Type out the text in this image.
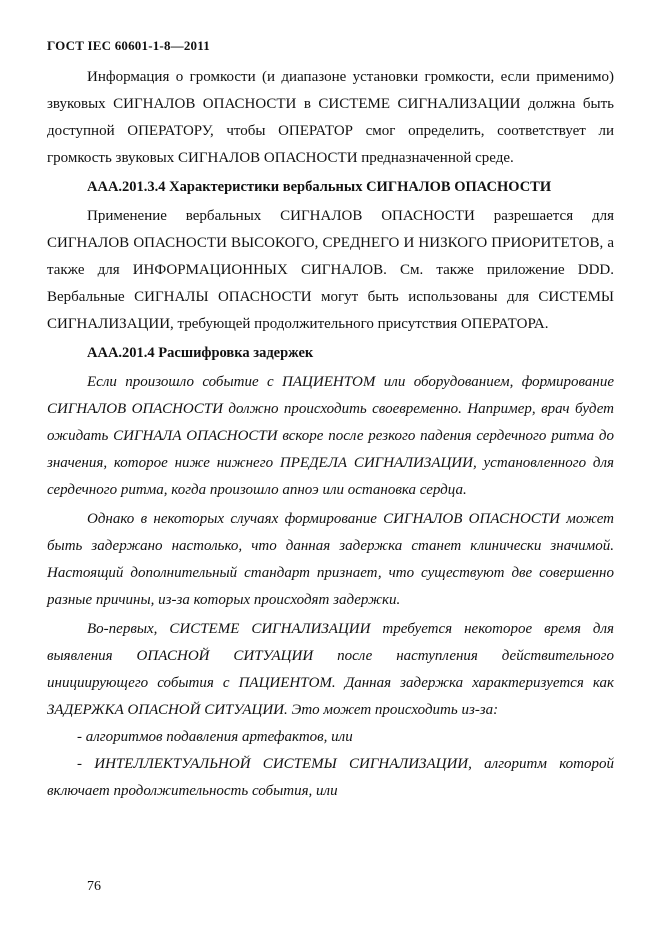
ГОСТ IEC 60601-1-8—2011

Информация о громкости (и диапазоне установки громкости, если применимо) звуковых СИГНАЛОВ ОПАСНОСТИ в СИСТЕМЕ СИГНАЛИЗАЦИИ должна быть доступной ОПЕРАТОРУ, чтобы ОПЕРАТОР смог определить, соответствует ли громкость звуковых СИГНАЛОВ ОПАСНОСТИ предназначенной среде.

ААА.201.3.4 Характеристики вербальных СИГНАЛОВ ОПАСНОСТИ

Применение вербальных СИГНАЛОВ ОПАСНОСТИ разрешается для СИГНАЛОВ ОПАСНОСТИ ВЫСОКОГО, СРЕДНЕГО И НИЗКОГО ПРИОРИТЕТОВ, а также для ИНФОРМАЦИОННЫХ СИГНАЛОВ. См. также приложение DDD. Вербальные СИГНАЛЫ ОПАСНОСТИ могут быть использованы для СИСТЕМЫ СИГНАЛИЗАЦИИ, требующей продолжительного присутствия ОПЕРАТОРА.

ААА.201.4 Расшифровка задержек

Если произошло событие с ПАЦИЕНТОМ или оборудованием, формирование СИГНАЛОВ ОПАСНОСТИ должно происходить своевременно. Например, врач будет ожидать СИГНАЛА ОПАСНОСТИ вскоре после резкого падения сердечного ритма до значения, которое ниже нижнего ПРЕДЕЛА СИГНАЛИЗАЦИИ, установленного для сердечного ритма, когда произошло апноэ или остановка сердца.

Однако в некоторых случаях формирование СИГНАЛОВ ОПАСНОСТИ может быть задержано настолько, что данная задержка станет клинически значимой. Настоящий дополнительный стандарт признает, что существуют две совершенно разные причины, из-за которых происходят задержки.

Во-первых, СИСТЕМЕ СИГНАЛИЗАЦИИ требуется некоторое время для выявления ОПАСНОЙ СИТУАЦИИ после наступления действительного инициирующего события с ПАЦИЕНТОМ. Данная задержка характеризуется как ЗАДЕРЖКА ОПАСНОЙ СИТУАЦИИ. Это может происходить из-за:

- алгоритмов подавления артефактов, или

- ИНТЕЛЛЕКТУАЛЬНОЙ СИСТЕМЫ СИГНАЛИЗАЦИИ, алгоритм которой включает продолжительность события, или

76
